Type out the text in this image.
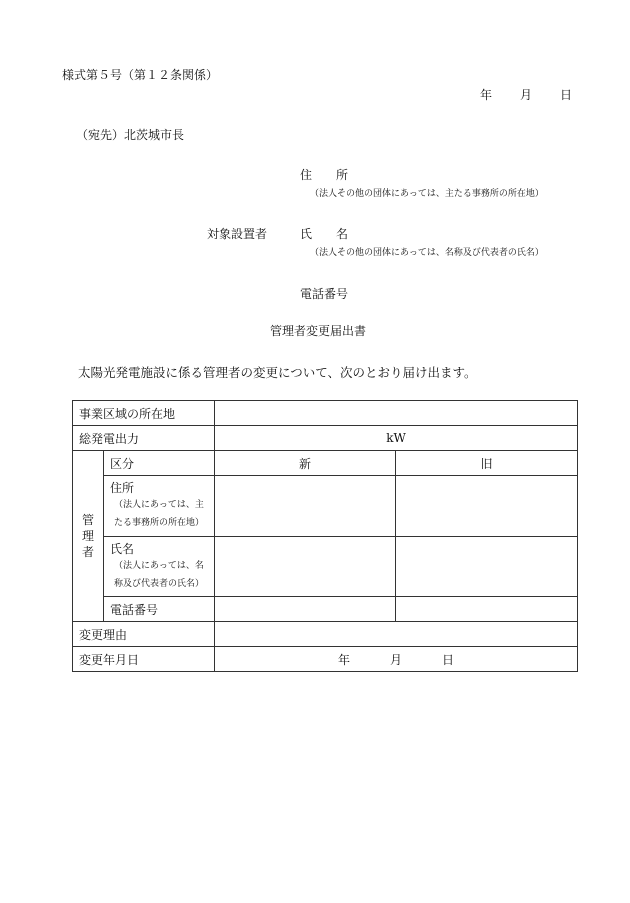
様式第５号（第１２条関係）
年 月 日
（宛先）北茨城市長
住 所
（法人その他の団体にあっては、主たる事務所の所在地）
対象設置者	氏 名
（法人その他の団体にあっては、名称及び代表者の氏名）
電話番号
管理者変更届出書
太陽光発電施設に係る管理者の変更について、次のとおり届け出ます。
事業区域の所在地			
総発電出力		kW	

管
理
者	区分	新	旧

	住所
（法人にあっては、主たる事務所の所在地）		

	氏名
（法人にあっては、名称及び代表者の氏名）		

	電話番号		
変更理由			
変更年月日		年 月 日	
